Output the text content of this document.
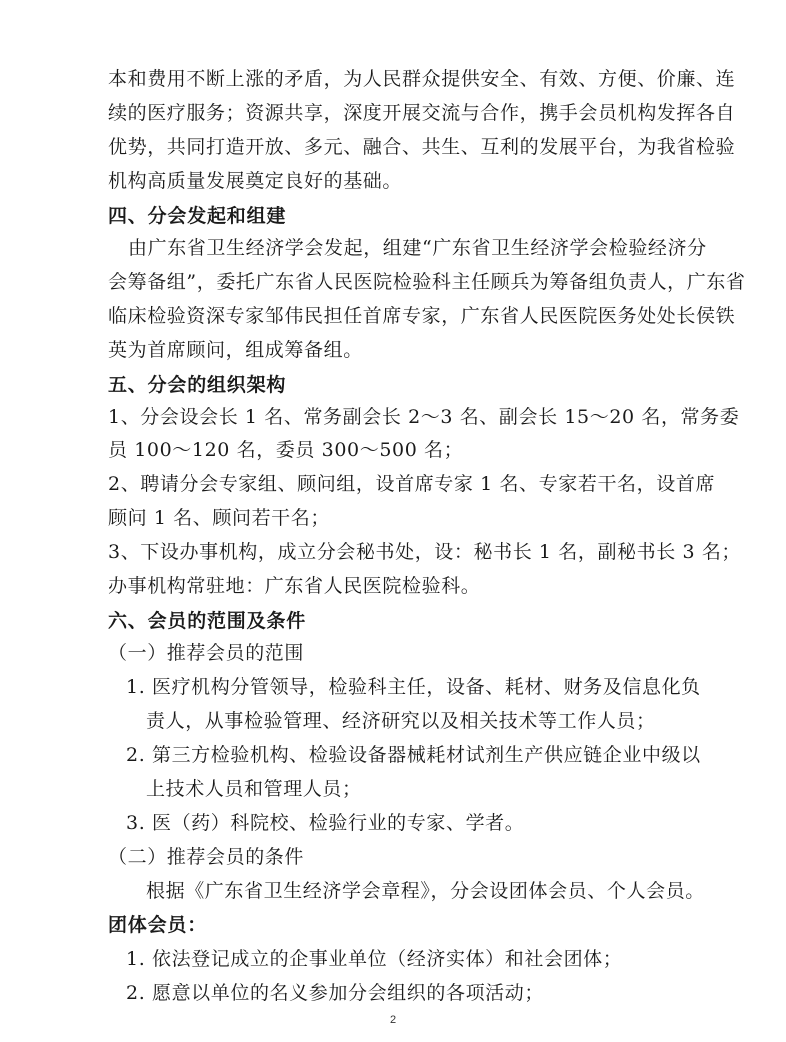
本和费用不断上涨的矛盾，为人民群众提供安全、有效、方便、价廉、连
续的医疗服务；资源共享，深度开展交流与合作，携手会员机构发挥各自
优势，共同打造开放、多元、融合、共生、互利的发展平台，为我省检验
机构高质量发展奠定良好的基础。
四、分会发起和组建
由广东省卫生经济学会发起，组建“广东省卫生经济学会检验经济分
会筹备组”，委托广东省人民医院检验科主任顾兵为筹备组负责人，广东省
临床检验资深专家邹伟民担任首席专家，广东省人民医院医务处处长侯铁
英为首席顾问，组成筹备组。
五、分会的组织架构
1、分会设会长 1 名、常务副会长 2～3 名、副会长 15～20 名，常务委
员 100～120 名，委员 300～500 名；
2、聘请分会专家组、顾问组，设首席专家 1 名、专家若干名，设首席
顾问 1 名、顾问若干名；
3、下设办事机构，成立分会秘书处，设：秘书长 1 名，副秘书长 3 名；
办事机构常驻地：广东省人民医院检验科。
六、会员的范围及条件
（一）推荐会员的范围
1. 医疗机构分管领导，检验科主任，设备、耗材、财务及信息化负
责人，从事检验管理、经济研究以及相关技术等工作人员；
2. 第三方检验机构、检验设备器械耗材试剂生产供应链企业中级以
上技术人员和管理人员；
3. 医（药）科院校、检验行业的专家、学者。
（二）推荐会员的条件
根据《广东省卫生经济学会章程》，分会设团体会员、个人会员。
团体会员：
1. 依法登记成立的企事业单位（经济实体）和社会团体；
2. 愿意以单位的名义参加分会组织的各项活动；
2
